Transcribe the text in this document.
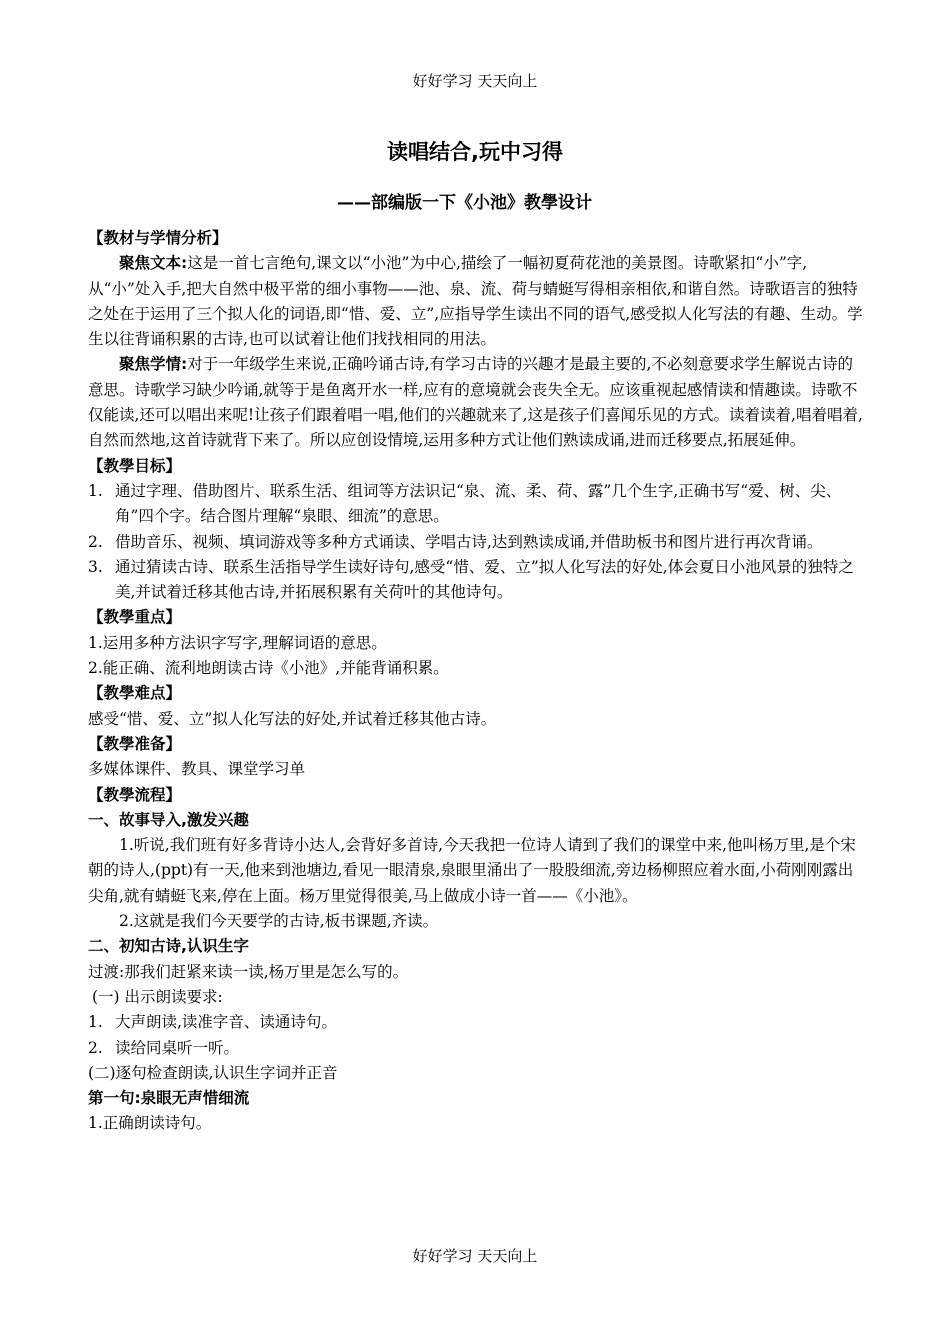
好好学习 天天向上
读唱结合,玩中习得
——部编版一下《小池》教學设计

【教材与学情分析】

聚焦文本:这是一首七言绝句,课文以“小池”为中心,描绘了一幅初夏荷花池的美景图。诗歌紧扣“小”字,从“小”处入手,把大自然中极平常的细小事物——池、泉、流、荷与蜻蜓写得相亲相依,和谐自然。诗歌语言的独特之处在于运用了三个拟人化的词语,即“惜、爱、立”,应指导学生读出不同的语气,感受拟人化写法的有趣、生动。学生以往背诵积累的古诗,也可以试着让他们找找相同的用法。

聚焦学情:对于一年级学生来说,正确吟诵古诗,有学习古诗的兴趣才是最主要的,不必刻意要求学生解说古诗的意思。诗歌学习缺少吟诵,就等于是鱼离开水一样,应有的意境就会丧失全无。应该重视起感情读和情趣读。诗歌不仅能读,还可以唱出来呢!让孩子们跟着唱一唱,他们的兴趣就来了,这是孩子们喜闻乐见的方式。读着读着,唱着唱着,自然而然地,这首诗就背下来了。所以应创设情境,运用多种方式让他们熟读成诵,进而迁移要点,拓展延伸。

【教學目标】

1. 通过字理、借助图片、联系生活、组词等方法识记“泉、流、柔、荷、露”几个生字,正确书写“爱、树、尖、角”四个字。结合图片理解“泉眼、细流”的意思。
2. 借助音乐、视频、填词游戏等多种方式诵读、学唱古诗,达到熟读成诵,并借助板书和图片进行再次背诵。
3. 通过猜读古诗、联系生活指导学生读好诗句,感受“惜、爱、立”拟人化写法的好处,体会夏日小池风景的独特之美,并试着迁移其他古诗,并拓展积累有关荷叶的其他诗句。

【教學重点】

1.运用多种方法识字写字,理解词语的意思。

2.能正确、流利地朗读古诗《小池》,并能背诵积累。

【教學难点】

感受“惜、爱、立”拟人化写法的好处,并试着迁移其他古诗。

【教學准备】

多媒体课件、教具、课堂学习单

【教學流程】

一、故事导入,激发兴趣

1.听说,我们班有好多背诗小达人,会背好多首诗,今天我把一位诗人请到了我们的课堂中来,他叫杨万里,是个宋朝的诗人,(ppt)有一天,他来到池塘边,看见一眼清泉,泉眼里涌出了一股股细流,旁边杨柳照应着水面,小荷刚刚露出尖角,就有蜻蜓飞来,停在上面。杨万里觉得很美,马上做成小诗一首——《小池》。

2.这就是我们今天要学的古诗,板书课题,齐读。

二、初知古诗,认识生字

过渡:那我们赶紧来读一读,杨万里是怎么写的。

(一) 出示朗读要求:

1. 大声朗读,读准字音、读通诗句。
2. 读给同桌听一听。

(二)逐句检查朗读,认识生字词并正音

第一句:泉眼无声惜细流

1.正确朗读诗句。

好好学习 天天向上
